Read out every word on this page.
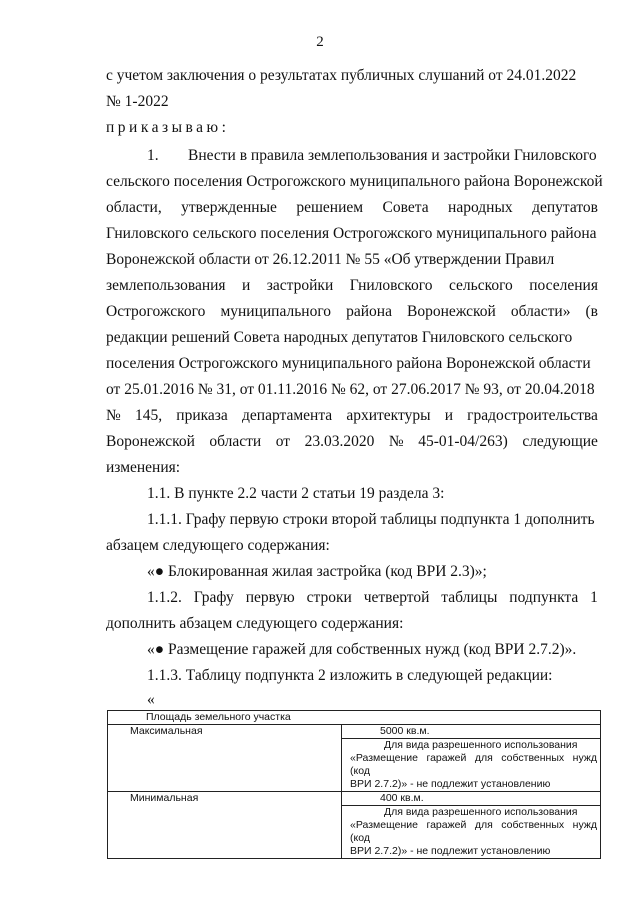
2
с учетом заключения о результатах публичных слушаний от 24.01.2022
№ 1-2022
приказываю:
1. Внести в правила землепользования и застройки Гниловского
сельского поселения Острогожского муниципального района Воронежской
области, утвержденные решением Совета народных депутатов
Гниловского сельского поселения Острогожского муниципального района
Воронежской области от 26.12.2011 № 55 «Об утверждении Правил
землепользования и застройки Гниловского сельского поселения
Острогожского муниципального района Воронежской области» (в
редакции решений Совета народных депутатов Гниловского сельского
поселения Острогожского муниципального района Воронежской области
от 25.01.2016 № 31, от 01.11.2016 № 62, от 27.06.2017 № 93, от 20.04.2018
№ 145, приказа департамента архитектуры и градостроительства
Воронежской области от 23.03.2020 № 45-01-04/263) следующие
изменения:
1.1. В пункте 2.2 части 2 статьи 19 раздела 3:
1.1.1. Графу первую строки второй таблицы подпункта 1 дополнить
абзацем следующего содержания:
«● Блокированная жилая застройка (код ВРИ 2.3)»;
1.1.2. Графу первую строки четвертой таблицы подпункта 1
дополнить абзацем следующего содержания:
«● Размещение гаражей для собственных нужд (код ВРИ 2.7.2)».
1.1.3. Таблицу подпункта 2 изложить в следующей редакции:
«
Площадь земельного участка	
Максимальная	5000 кв.м.
	Для вида разрешенного использования
«Размещение гаражей для собственных нужд (код
ВРИ 2.7.2)» - не подлежит установлению
Минимальная	400 кв.м.
	Для вида разрешенного использования
«Размещение гаражей для собственных нужд (код
ВРИ 2.7.2)» - не подлежит установлению
